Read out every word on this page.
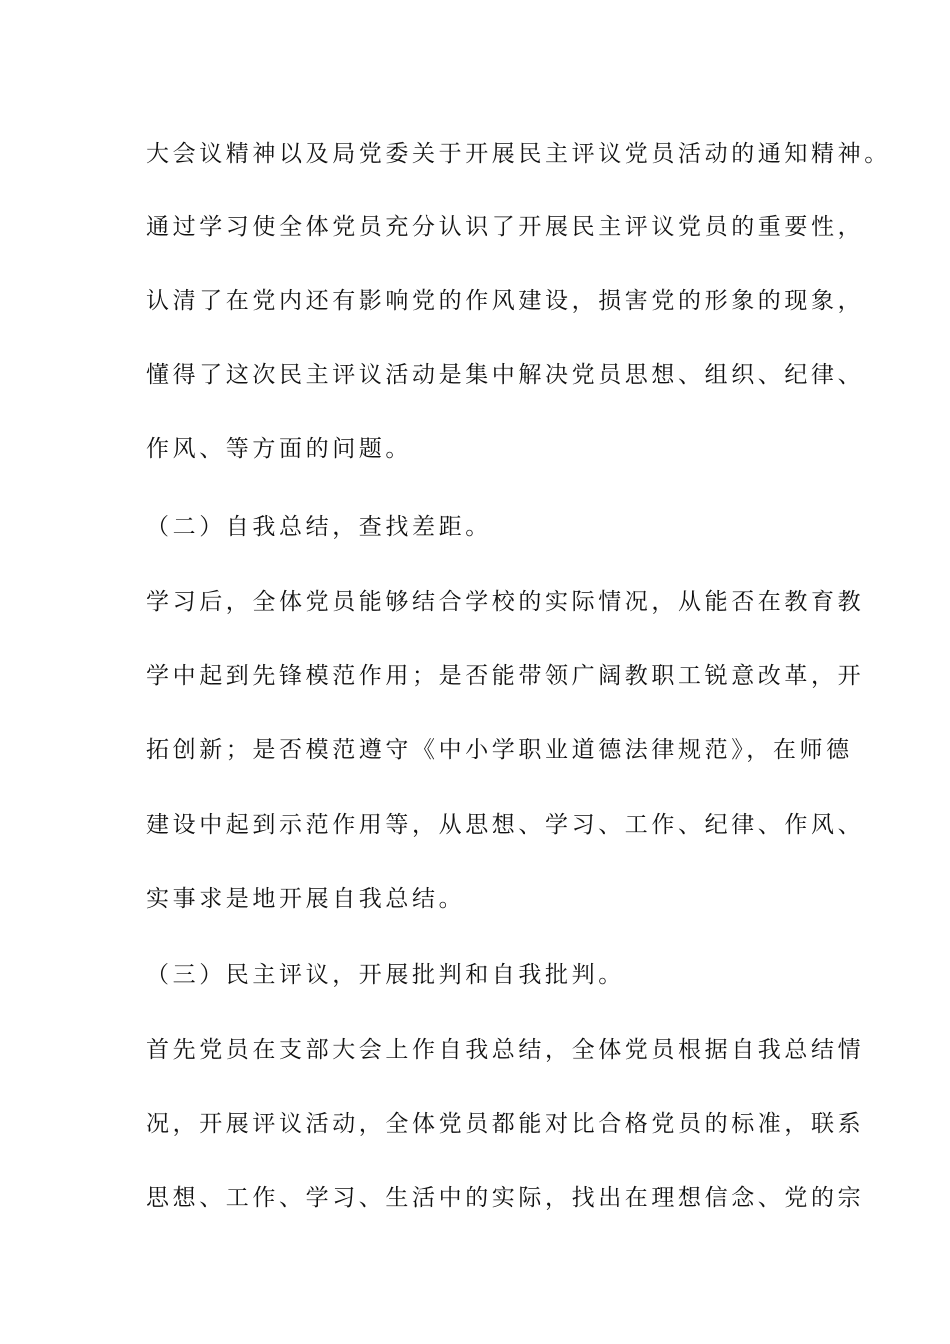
大会议精神以及局党委关于开展民主评议党员活动的通知精神。
通过学习使全体党员充分认识了开展民主评议党员的重要性，
认清了在党内还有影响党的作风建设，损害党的形象的现象，
懂得了这次民主评议活动是集中解决党员思想、组织、纪律、
作风、等方面的问题。
（二）自我总结，查找差距。
学习后，全体党员能够结合学校的实际情况，从能否在教育教
学中起到先锋模范作用；是否能带领广阔教职工锐意改革，开
拓创新；是否模范遵守《中小学职业道德法律规范》，在师德
建设中起到示范作用等，从思想、学习、工作、纪律、作风、
实事求是地开展自我总结。
（三）民主评议，开展批判和自我批判。
首先党员在支部大会上作自我总结，全体党员根据自我总结情
况，开展评议活动，全体党员都能对比合格党员的标准，联系
思想、工作、学习、生活中的实际，找出在理想信念、党的宗
